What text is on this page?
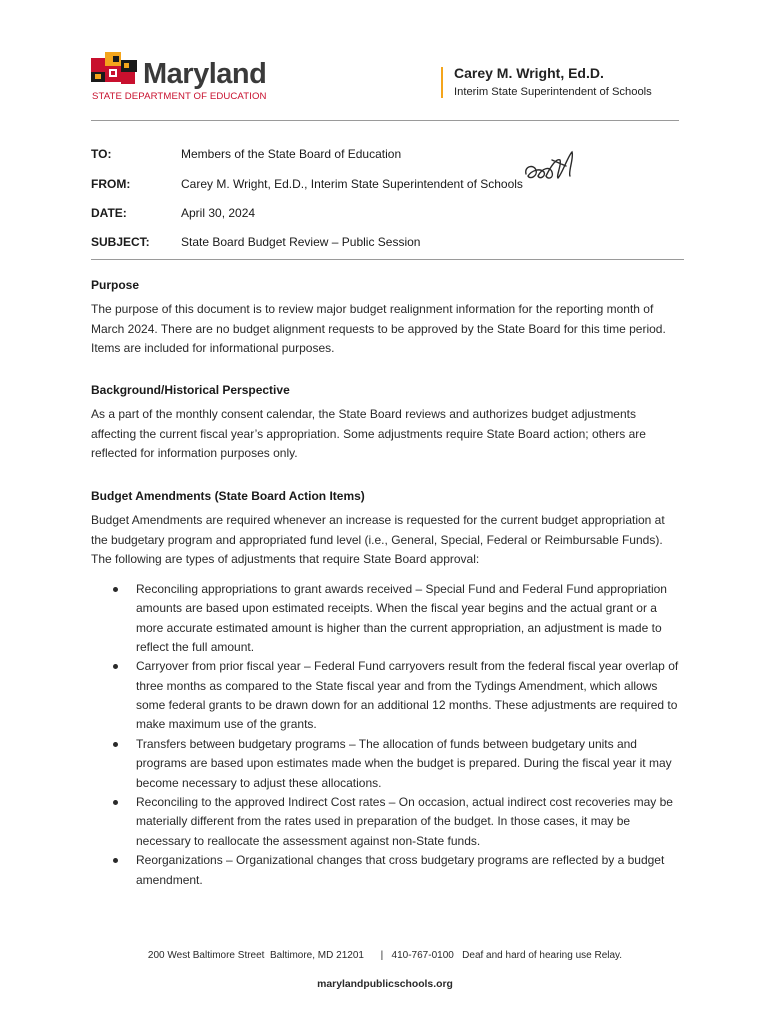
Maryland
STATE DEPARTMENT OF EDUCATION
Carey M. Wright, Ed.D.
Interim State Superintendent of Schools
TO:	Members of the State Board of Education
FROM:	Carey M. Wright, Ed.D., Interim State Superintendent of Schools
DATE:	April 30, 2024
SUBJECT:	State Board Budget Review – Public Session
Purpose
The purpose of this document is to review major budget realignment information for the reporting month of March 2024. There are no budget alignment requests to be approved by the State Board for this time period. Items are included for informational purposes.
Background/Historical Perspective
As a part of the monthly consent calendar, the State Board reviews and authorizes budget adjustments affecting the current fiscal year’s appropriation. Some adjustments require State Board action; others are reflected for information purposes only.
Budget Amendments (State Board Action Items)
Budget Amendments are required whenever an increase is requested for the current budget appropriation at the budgetary program and appropriated fund level (i.e., General, Special, Federal or Reimbursable Funds). The following are types of adjustments that require State Board approval:
Reconciling appropriations to grant awards received – Special Fund and Federal Fund appropriation amounts are based upon estimated receipts. When the fiscal year begins and the actual grant or a more accurate estimated amount is higher than the current appropriation, an adjustment is made to reflect the full amount.
Carryover from prior fiscal year – Federal Fund carryovers result from the federal fiscal year overlap of three months as compared to the State fiscal year and from the Tydings Amendment, which allows some federal grants to be drawn down for an additional 12 months. These adjustments are required to make maximum use of the grants.
Transfers between budgetary programs – The allocation of funds between budgetary units and programs are based upon estimates made when the budget is prepared. During the fiscal year it may become necessary to adjust these allocations.
Reconciling to the approved Indirect Cost rates – On occasion, actual indirect cost recoveries may be materially different from the rates used in preparation of the budget. In those cases, it may be necessary to reallocate the assessment against non-State funds.
Reorganizations – Organizational changes that cross budgetary programs are reflected by a budget amendment.
200 West Baltimore Street  Baltimore, MD 21201      |   410-767-0100   Deaf and hard of hearing use Relay.
marylandpublicschools.org
